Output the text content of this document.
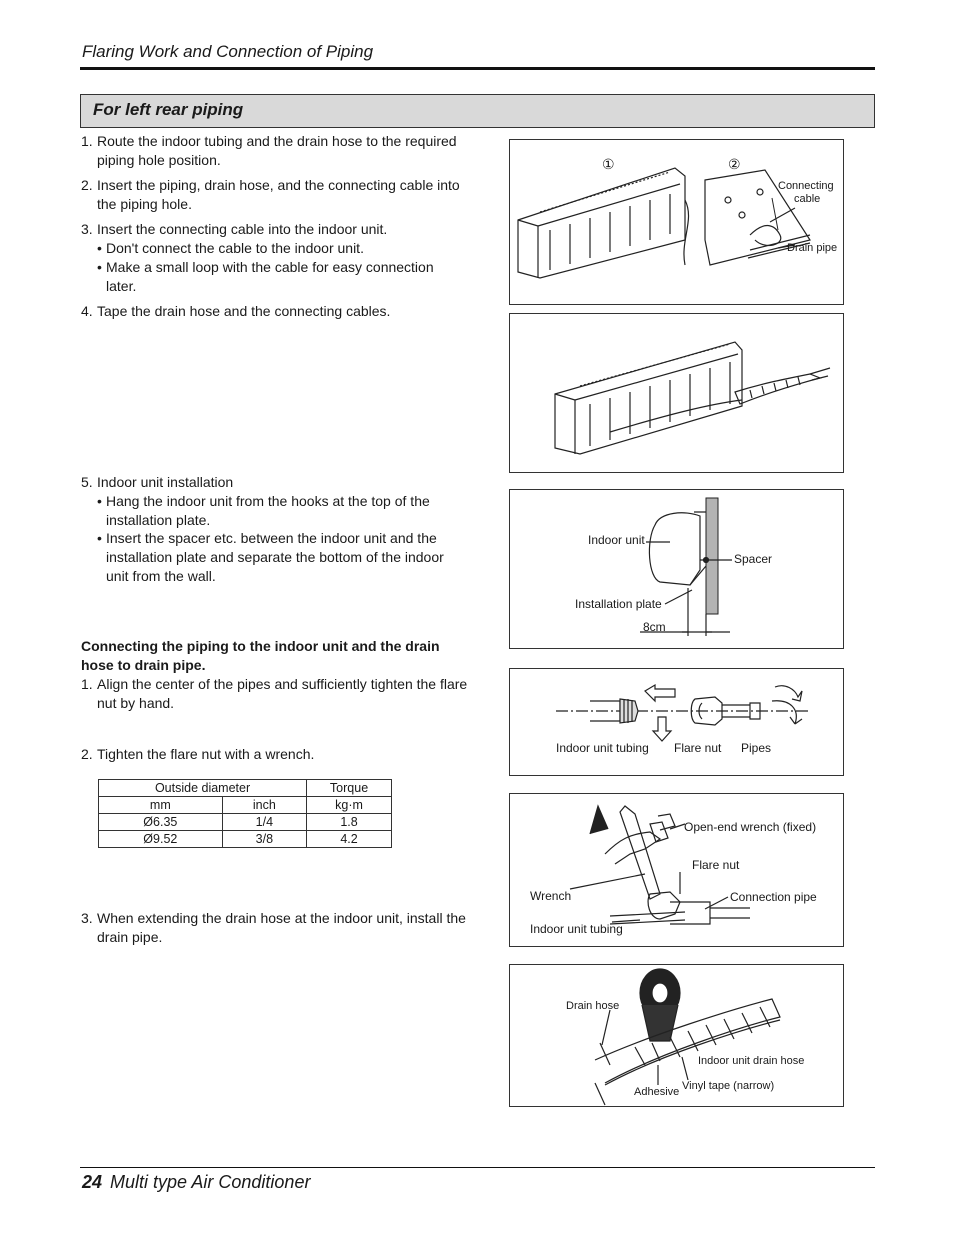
Flaring Work and Connection of Piping
For left rear piping
1. Route the indoor tubing and the drain hose to the required piping hole position.
2. Insert the piping, drain hose, and the connecting cable into the piping hole.
3. Insert the connecting cable into the indoor unit.
• Don't connect the cable to the indoor unit.
• Make a small loop with the cable for easy connection later.
4. Tape the drain hose and the connecting cables.
5. Indoor unit installation
• Hang the indoor unit from the hooks at the top of the installation plate.
• Insert the spacer etc. between the indoor unit and the installation plate and separate the bottom of the indoor unit from the wall.
Connecting the piping to the indoor unit and the drain hose to drain pipe.
1. Align the center of the pipes and sufficiently tighten the flare nut by hand.
2. Tighten the flare nut with a wrench.
Outside diameter		Torque
mm	inch	kg·m
Ø6.35	1/4	1.8
Ø9.52	3/8	4.2
3. When extending the drain hose at the indoor unit, install the drain pipe.
①	②
Connecting
cable
Drain pipe
Indoor unit
Spacer
Installation plate
8cm
Indoor unit tubing Flare nut Pipes
Open-end wrench (fixed)
Flare nut
Wrench	Connection pipe
Indoor unit tubing
Drain hose
Indoor unit drain hose
Adhesive Vinyl tape (narrow)
24 Multi type Air Conditioner
